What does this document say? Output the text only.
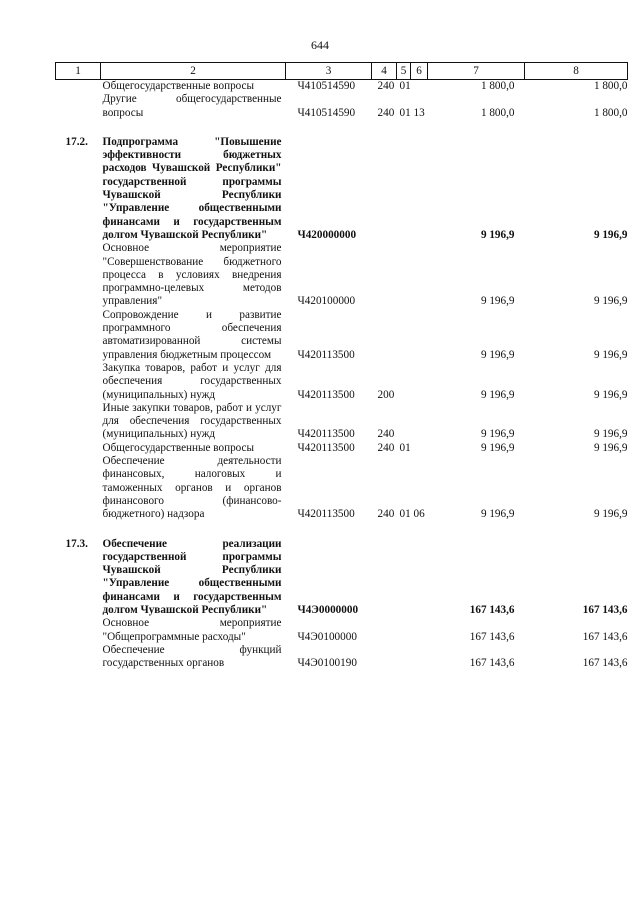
644
1	2	3	4	5	6	7	8
	Общегосударственные вопросы	Ч410514590	240	01		1 800,0	1 800,0
	Другие общегосударственные вопросы	Ч410514590	240	01	13	1 800,0	1 800,0

17.2.	Подпрограмма "Повышение эффективности бюджетных расходов Чувашской Республики" государственной программы Чувашской Республики "Управление общественными финансами и государственным долгом Чувашской Республики"	Ч420000000				9 196,9	9 196,9
	Основное мероприятие "Совершенствование бюджетного процесса в условиях внедрения программно-целевых методов управления"	Ч420100000				9 196,9	9 196,9
	Сопровождение и развитие программного обеспечения автоматизированной системы управления бюджетным процессом	Ч420113500				9 196,9	9 196,9
	Закупка товаров, работ и услуг для обеспечения государственных (муниципальных) нужд	Ч420113500	200			9 196,9	9 196,9
	Иные закупки товаров, работ и услуг для обеспечения государственных (муниципальных) нужд	Ч420113500	240			9 196,9	9 196,9
	Общегосударственные вопросы	Ч420113500	240	01		9 196,9	9 196,9
	Обеспечение деятельности финансовых, налоговых и таможенных органов и органов финансового (финансово-бюджетного) надзора	Ч420113500	240	01	06	9 196,9	9 196,9

17.3.	Обеспечение реализации государственной программы Чувашской Республики "Управление общественными финансами и государственным долгом Чувашской Республики"	Ч4Э0000000				167 143,6	167 143,6
	Основное мероприятие "Общепрограммные расходы"	Ч4Э0100000				167 143,6	167 143,6
	Обеспечение функций государственных органов	Ч4Э0100190				167 143,6	167 143,6
